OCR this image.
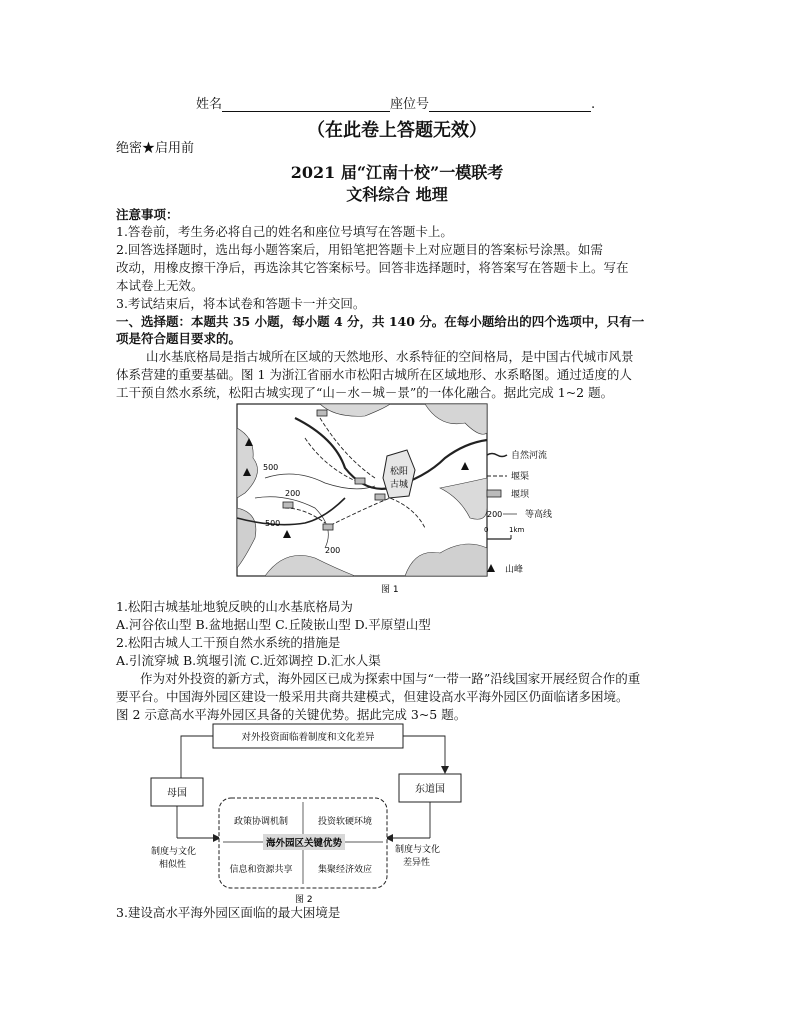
姓名	座位号	.
（在此卷上答题无效）
绝密★启用前
2021 届“江南十校”一模联考
文科综合 地理
注意事项：
1.答卷前，考生务必将自己的姓名和座位号填写在答题卡上。
2.回答选择题时，选出每小题答案后，用铅笔把答题卡上对应题目的答案标号涂黑。如需
改动，用橡皮擦干净后，再选涂其它答案标号。回答非选择题时，将答案写在答题卡上。写在
本试卷上无效。
3.考试结束后，将本试卷和答题卡一并交回。
一、选择题：本题共 35 小题，每小题 4 分，共 140 分。在每小题给出的四个选项中，只有一
项是符合题目要求的。
山水基底格局是指古城所在区域的天然地形、水系特征的空间格局，是中国古代城市风景
体系营建的重要基础。图 1 为浙江省丽水市松阳古城所在区域地形、水系略图。通过适度的人
工干预自然水系统，松阳古城实现了“山－水－城－景”的一体化融合。据此完成 1~2 题。
松阳
古城
500
200
500
200
自然河流
堰渠
堰坝
200	等高线
0	1km
山峰
图 1
1.松阳古城基址地貌反映的山水基底格局为
A.河谷依山型 B.盆地据山型 C.丘陵嵌山型 D.平原望山型
2.松阳古城人工干预自然水系统的措施是
A.引流穿城 B.筑堰引流 C.近郊调控 D.汇水人渠
作为对外投资的新方式，海外园区已成为探索中国与“一带一路”沿线国家开展经贸合作的重
要平台。中国海外园区建设一般采用共商共建模式，但建设高水平海外园区仍面临诸多困境。
图 2 示意高水平海外园区具备的关键优势。据此完成 3~5 题。
对外投资面临着制度和文化差异
母国	东道国
政策协调机制	投资软硬环境
海外园区关键优势
信息和资源共享	集聚经济效应
制度与文化
相似性
制度与文化
差异性
图 2
3.建设高水平海外园区面临的最大困境是
